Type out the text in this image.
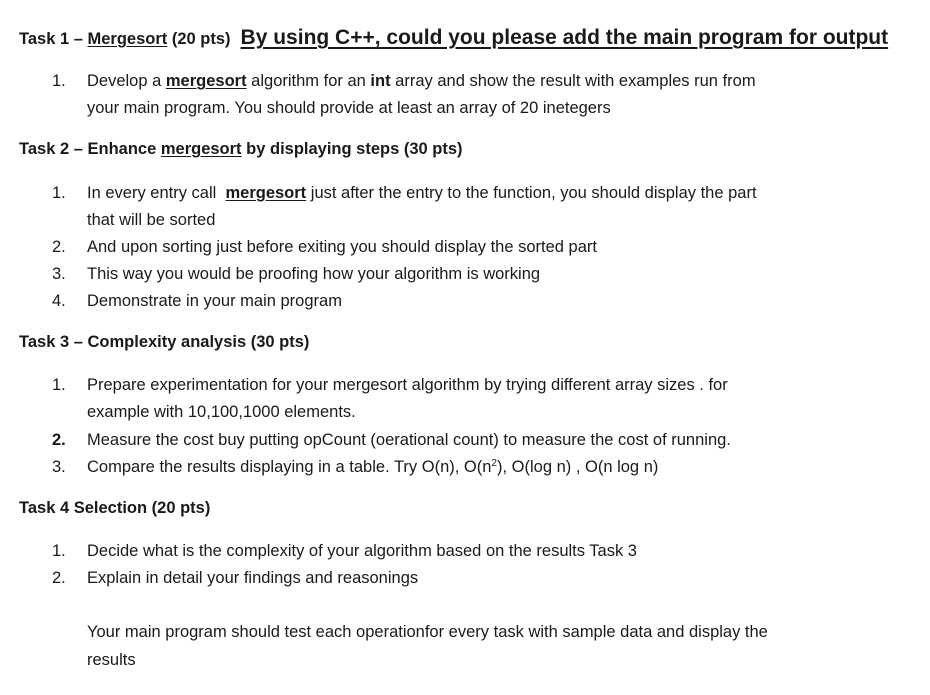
Task 1 – Mergesort (20 pts) By using C++, could you please add the main program for output
1. Develop a mergesort algorithm for an int array and show the result with examples run from
your main program. You should provide at least an array of 20 inetegers
Task 2 – Enhance mergesort by displaying steps (30 pts)
1. In every entry call  mergesort just after the entry to the function, you should display the part
that will be sorted
2. And upon sorting just before exiting you should display the sorted part
3. This way you would be proofing how your algorithm is working
4. Demonstrate in your main program
Task 3 – Complexity analysis (30 pts)
1. Prepare experimentation for your mergesort algorithm by trying different array sizes . for
example with 10,100,1000 elements.
2. Measure the cost buy putting opCount (oerational count) to measure the cost of running.
3. Compare the results displaying in a table. Try O(n), $O(n^2)$, O(log n) , O(n log n)
Task 4 Selection (20 pts)
1. Decide what is the complexity of your algorithm based on the results Task 3
2. Explain in detail your findings and reasonings
Your main program should test each operationfor every task with sample data and display the
results
